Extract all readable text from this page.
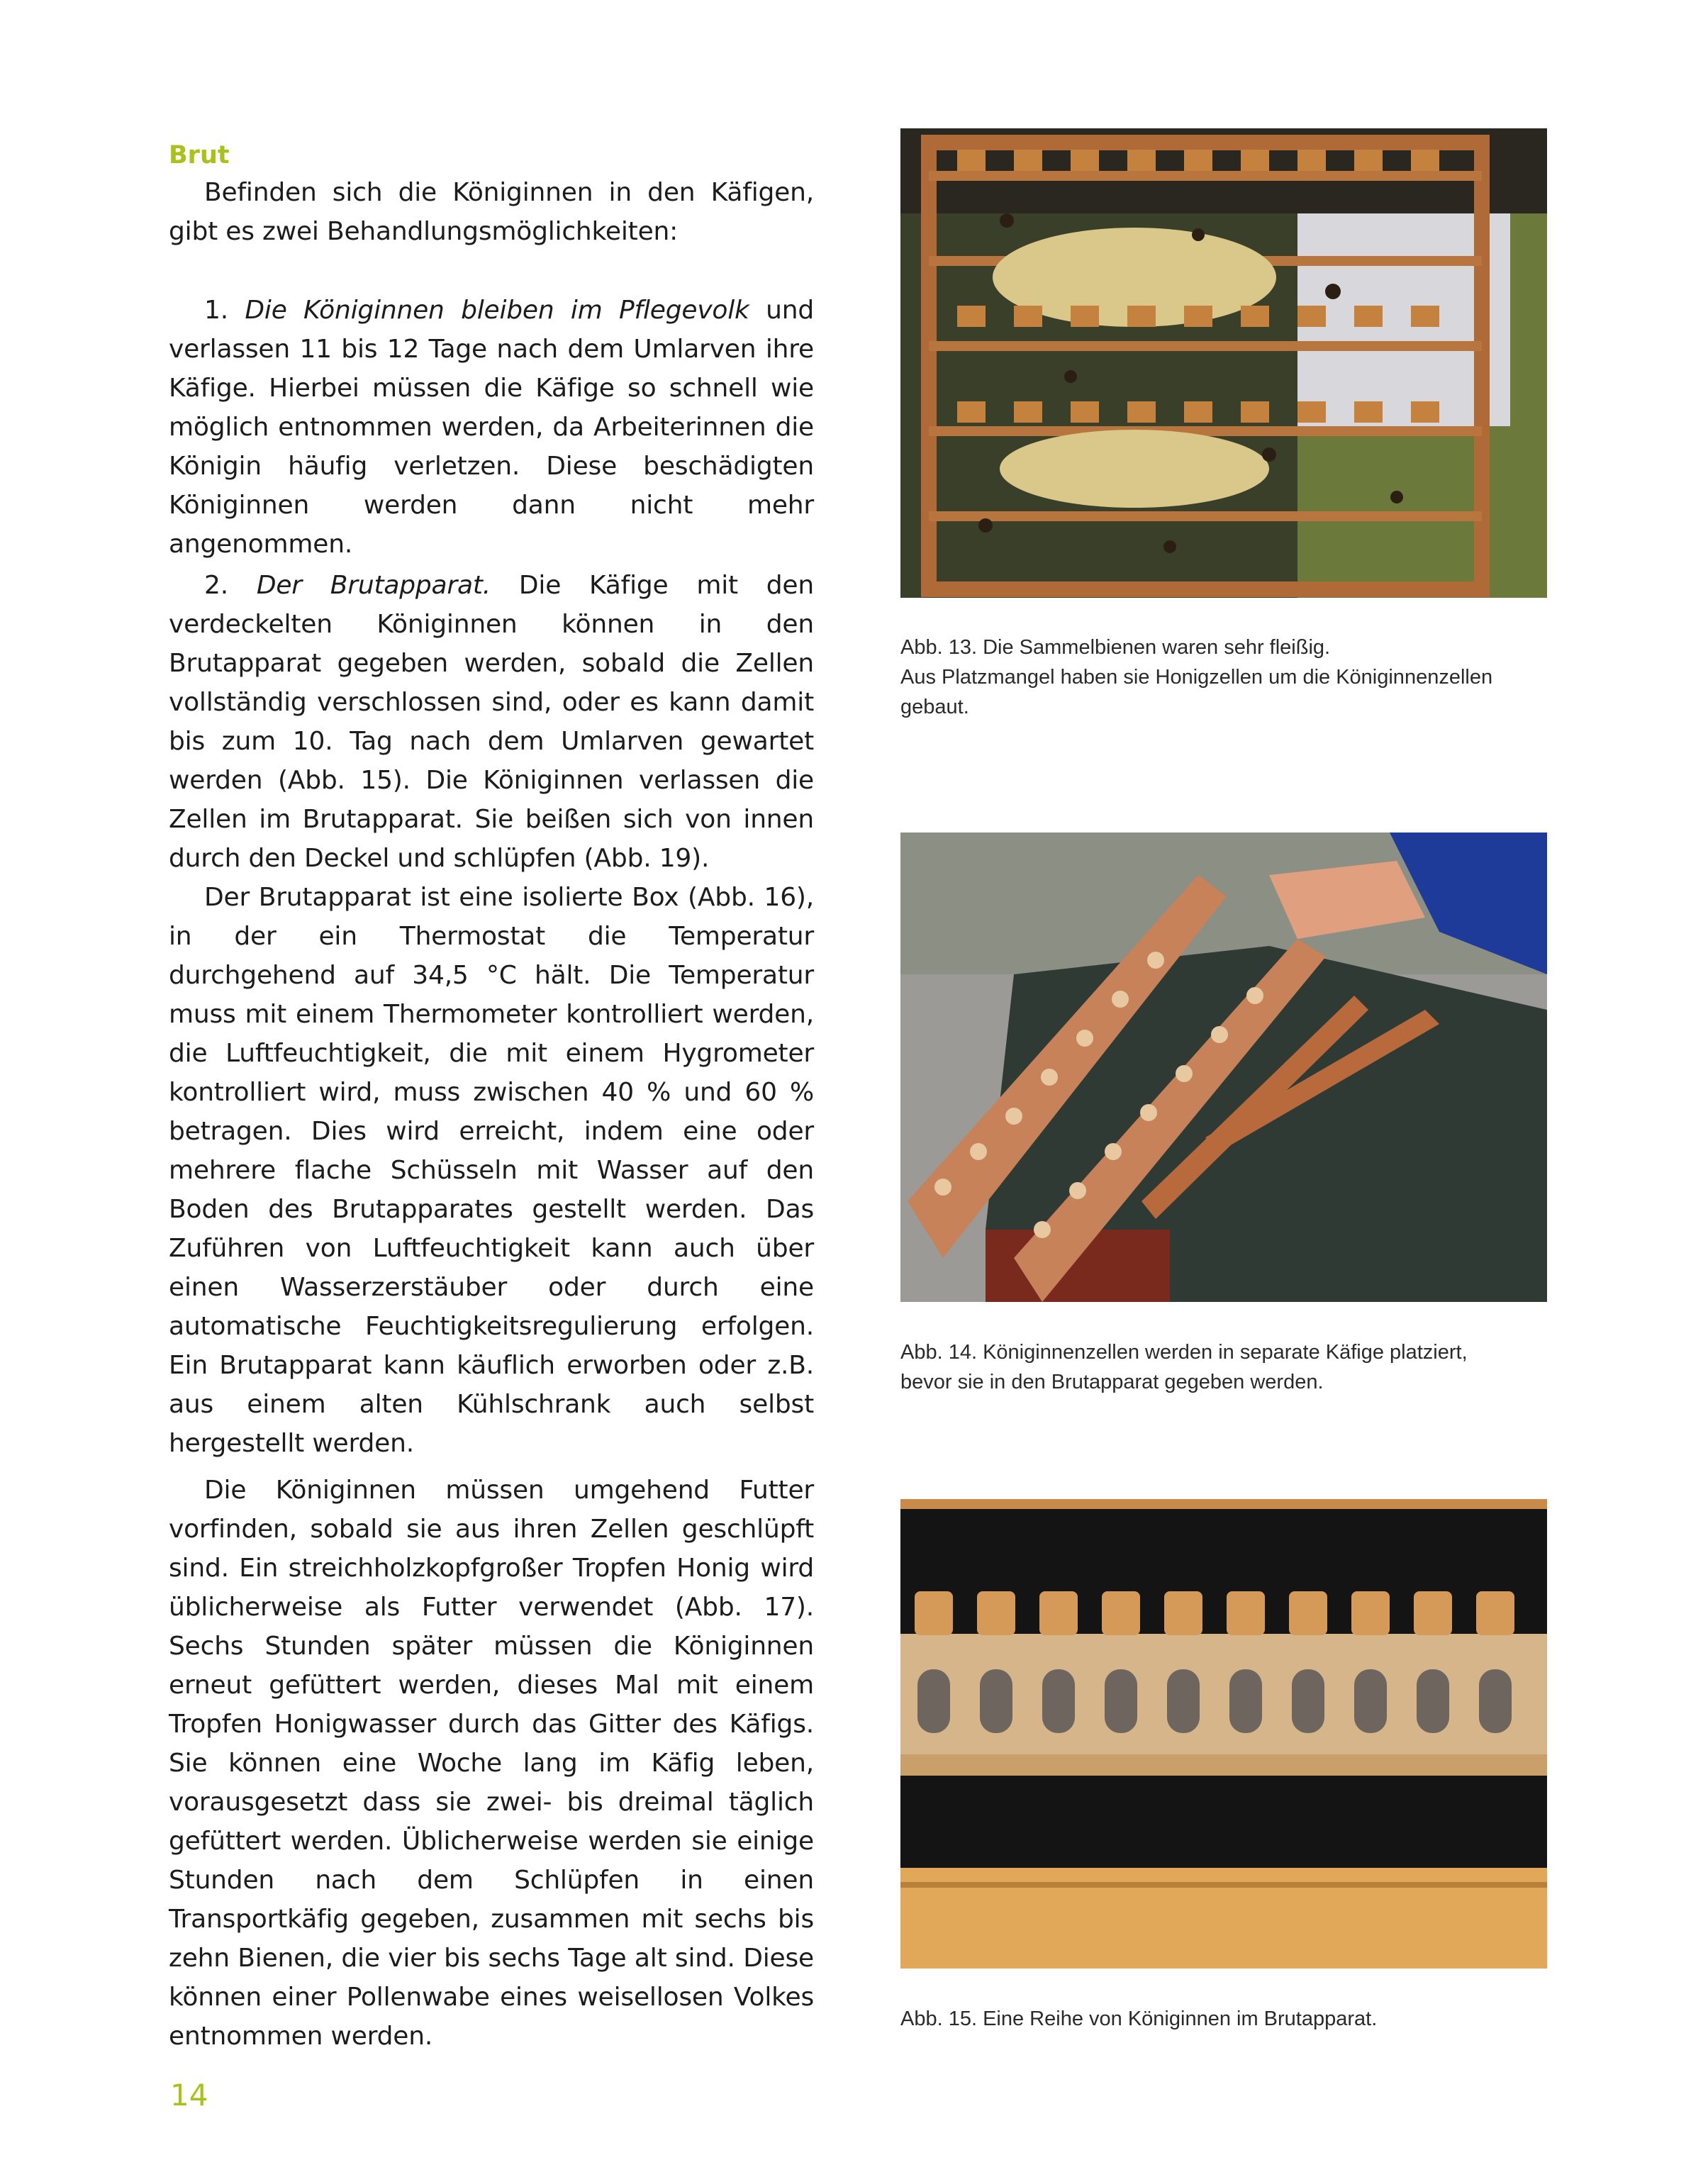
Brut

Befinden sich die Königinnen in den Käfigen, gibt es zwei Behandlungsmöglichkeiten:

1. Die Königinnen bleiben im Pflegevolk und verlassen 11 bis 12 Tage nach dem Umlarven ihre Käfige. Hierbei müssen die Käfige so schnell wie möglich entnommen werden, da Arbeiterinnen die Königin häufig verletzen. Diese beschädigten Königinnen werden dann nicht mehr angenommen.

2. Der Brutapparat. Die Käfige mit den verdeckelten Königinnen können in den Brutapparat gegeben werden, sobald die Zellen vollständig verschlossen sind, oder es kann damit bis zum 10. Tag nach dem Umlarven gewartet werden (Abb. 15). Die Königinnen verlassen die Zellen im Brutapparat. Sie beißen sich von innen durch den Deckel und schlüpfen (Abb. 19).

Der Brutapparat ist eine isolierte Box (Abb. 16), in der ein Thermostat die Temperatur durchgehend auf 34,5 °C hält. Die Temperatur muss mit einem Thermometer kontrolliert werden, die Luftfeuchtigkeit, die mit einem Hygrometer kontrolliert wird, muss zwischen 40 % und 60 % betragen. Dies wird erreicht, indem eine oder mehrere flache Schüsseln mit Wasser auf den Boden des Brutapparates gestellt werden. Das Zuführen von Luftfeuchtigkeit kann auch über einen Wasserzerstäuber oder durch eine automatische Feuchtigkeitsregulierung erfolgen. Ein Brutapparat kann käuflich erworben oder z.B. aus einem alten Kühlschrank auch selbst hergestellt werden.

Die Königinnen müssen umgehend Futter vorfinden, sobald sie aus ihren Zellen geschlüpft sind. Ein streichholzkopfgroßer Tropfen Honig wird üblicherweise als Futter verwendet (Abb. 17). Sechs Stunden später müssen die Königinnen erneut gefüttert werden, dieses Mal mit einem Tropfen Honigwasser durch das Gitter des Käfigs. Sie können eine Woche lang im Käfig leben, vorausgesetzt dass sie zwei- bis dreimal täglich gefüttert werden. Üblicherweise werden sie einige Stunden nach dem Schlüpfen in einen Transportkäfig gegeben, zusammen mit sechs bis zehn Bienen, die vier bis sechs Tage alt sind. Diese können einer Pollenwabe eines weisellosen Volkes entnommen werden.

Abb. 13. Die Sammelbienen waren sehr fleißig.
Aus Platzmangel haben sie Honigzellen um die Königinnenzellen gebaut.
Abb. 14. Königinnenzellen werden in separate Käfige platziert,
bevor sie in den Brutapparat gegeben werden.
Abb. 15. Eine Reihe von Königinnen im Brutapparat.
14
